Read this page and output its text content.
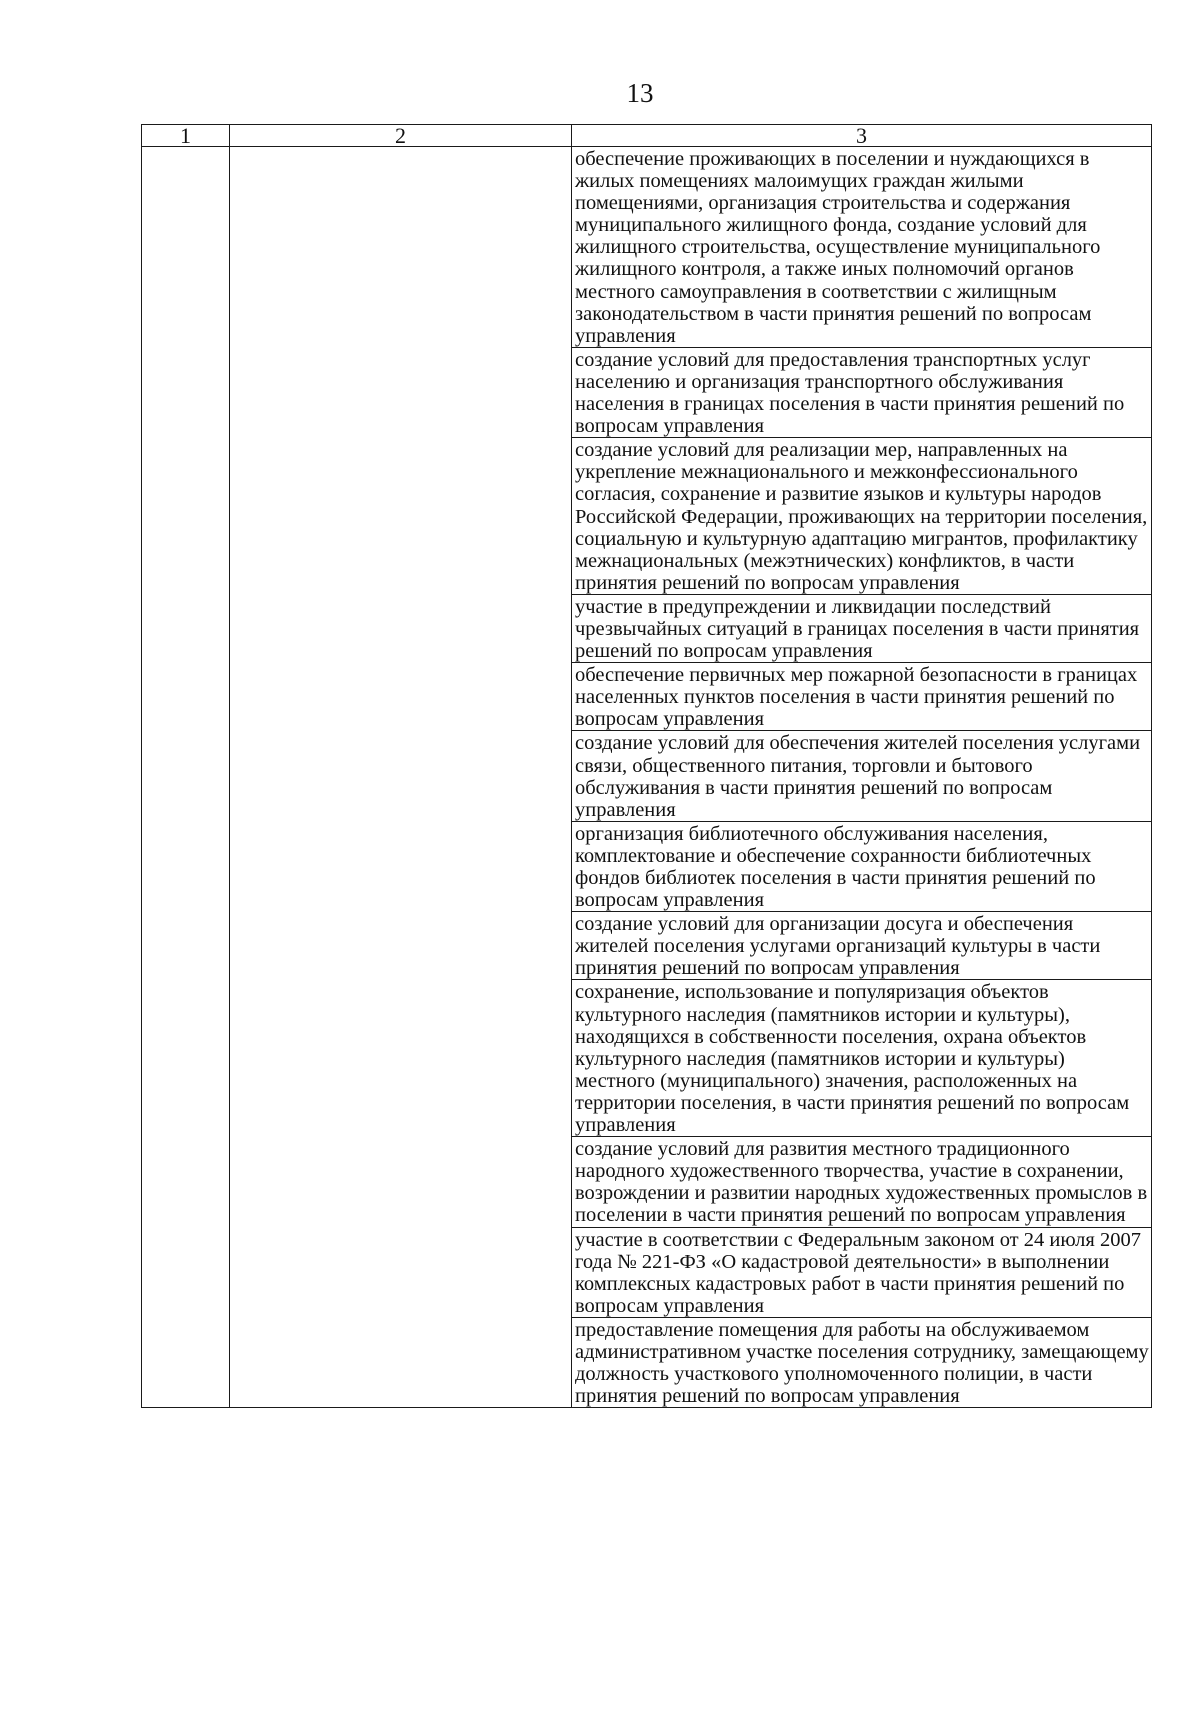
13
1	2	3
		обеспечение проживающих в поселении и нуждающихся в жилых помещениях малоимущих граждан жилыми помещениями, организация строительства и содержания муниципального жилищного фонда, создание условий для жилищного строительства, осуществление муниципального жилищного контроля, а также иных полномочий органов местного самоуправления в соответствии с жилищным законодательством в части принятия решений по вопросам управления
		создание условий для предоставления транспортных услуг населению и организация транспортного обслуживания населения в границах поселения в части принятия решений по вопросам управления
		создание условий для реализации мер, направленных на укрепление межнационального и межконфессионального согласия, сохранение и развитие языков и культуры народов Российской Федерации, проживающих на территории поселения, социальную и культурную адаптацию мигрантов, профилактику межнациональных (межэтнических) конфликтов, в части принятия решений по вопросам управления
		участие в предупреждении и ликвидации последствий чрезвычайных ситуаций в границах поселения в части принятия решений по вопросам управления
		обеспечение первичных мер пожарной безопасности в границах населенных пунктов поселения в части принятия решений по вопросам управления
		создание условий для обеспечения жителей поселения услугами связи, общественного питания, торговли и бытового обслуживания в части принятия решений по вопросам управления
		организация библиотечного обслуживания населения, комплектование и обеспечение сохранности библиотечных фондов библиотек поселения в части принятия решений по вопросам управления
		создание условий для организации досуга и обеспечения жителей поселения услугами организаций культуры в части принятия решений по вопросам управления
		сохранение, использование и популяризация объектов культурного наследия (памятников истории и культуры), находящихся в собственности поселения, охрана объектов культурного наследия (памятников истории и культуры) местного (муниципального) значения, расположенных на территории поселения, в части принятия решений по вопросам управления
		создание условий для развития местного традиционного народного художественного творчества, участие в сохранении, возрождении и развитии народных художественных промыслов в поселении в части принятия решений по вопросам управления
		участие в соответствии с Федеральным законом от 24 июля 2007 года № 221-ФЗ «О кадастровой деятельности» в выполнении комплексных кадастровых работ в части принятия решений по вопросам управления
		предоставление помещения для работы на обслуживаемом административном участке поселения сотруднику, замещающему должность участкового уполномоченного полиции, в части принятия решений по вопросам управления
